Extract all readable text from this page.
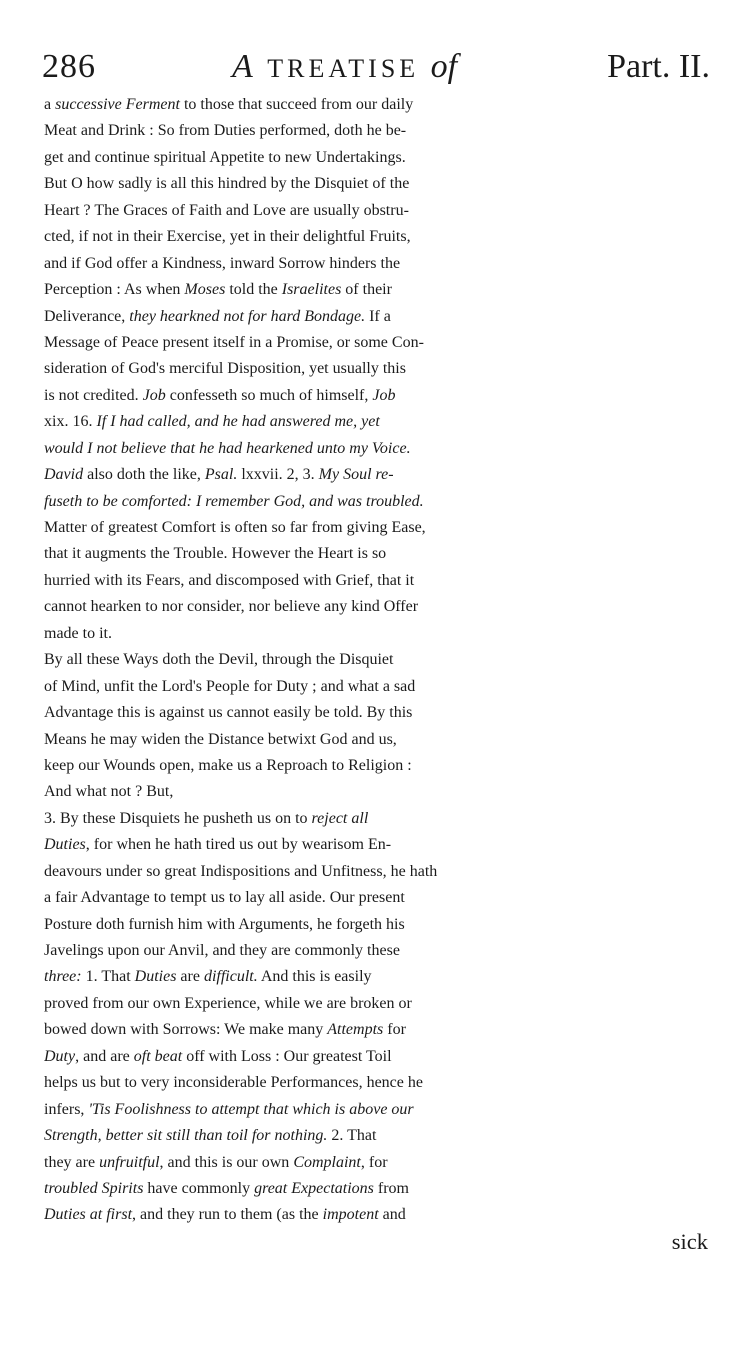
286	A TREATISE of	Part. II.
a successive Ferment to those that succeed from our daily
Meat and Drink : So from Duties performed, doth he be-
get and continue spiritual Appetite to new Undertakings.
But O how sadly is all this hindred by the Disquiet of the
Heart ? The Graces of Faith and Love are usually obstru-
cted, if not in their Exercise, yet in their delightful Fruits,
and if God offer a Kindness, inward Sorrow hinders the
Perception : As when Moses told the Israelites of their
Deliverance, they hearkned not for hard Bondage. If a
Message of Peace present itself in a Promise, or some Con-
sideration of God's merciful Disposition, yet usually this
is not credited. Job confesseth so much of himself, Job
xix. 16. If I had called, and he had answered me, yet
would I not believe that he had hearkened unto my Voice.
David also doth the like, Psal. lxxvii. 2, 3. My Soul re-
fuseth to be comforted: I remember God, and was troubled.
Matter of greatest Comfort is often so far from giving Ease,
that it augments the Trouble. However the Heart is so
hurried with its Fears, and discomposed with Grief, that it
cannot hearken to nor consider, nor believe any kind Offer
made to it.
By all these Ways doth the Devil, through the Disquiet
of Mind, unfit the Lord's People for Duty ; and what a sad
Advantage this is against us cannot easily be told. By this
Means he may widen the Distance betwixt God and us,
keep our Wounds open, make us a Reproach to Religion :
And what not ? But,
3. By these Disquiets he pusheth us on to reject all
Duties, for when he hath tired us out by wearisom En-
deavours under so great Indispositions and Unfitness, he hath
a fair Advantage to tempt us to lay all aside. Our present
Posture doth furnish him with Arguments, he forgeth his
Javelings upon our Anvil, and they are commonly these
three: 1. That Duties are difficult. And this is easily
proved from our own Experience, while we are broken or
bowed down with Sorrows: We make many Attempts for
Duty, and are oft beat off with Loss : Our greatest Toil
helps us but to very inconsiderable Performances, hence he
infers, 'Tis Foolishness to attempt that which is above our
Strength, better sit still than toil for nothing. 2. That
they are unfruitful, and this is our own Complaint, for
troubled Spirits have commonly great Expectations from
Duties at first, and they run to them (as the impotent and
sick
